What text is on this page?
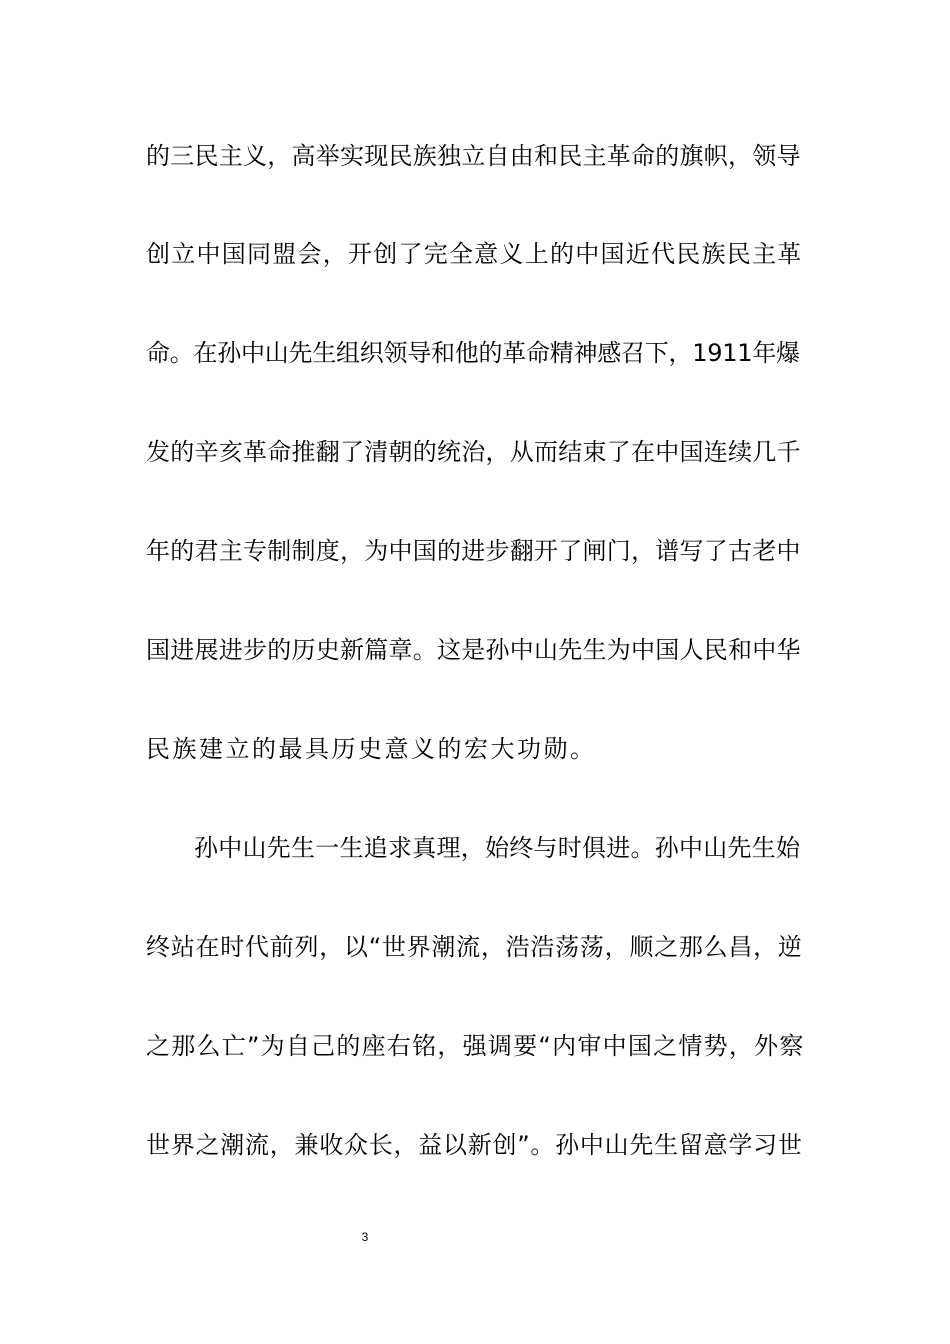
的三民主义，高举实现民族独立自由和民主革命的旗帜，领导
创立中国同盟会，开创了完全意义上的中国近代民族民主革
命。在孙中山先生组织领导和他的革命精神感召下，1911年爆
发的辛亥革命推翻了清朝的统治，从而结束了在中国连续几千
年的君主专制制度，为中国的进步翻开了闸门，谱写了古老中
国进展进步的历史新篇章。这是孙中山先生为中国人民和中华
民族建立的最具历史意义的宏大功勋。
孙中山先生一生追求真理，始终与时俱进。孙中山先生始
终站在时代前列，以“世界潮流，浩浩荡荡，顺之那么昌，逆
之那么亡”为自己的座右铭，强调要“内审中国之情势，外察
世界之潮流，兼收众长，益以新创”。孙中山先生留意学习世
3
